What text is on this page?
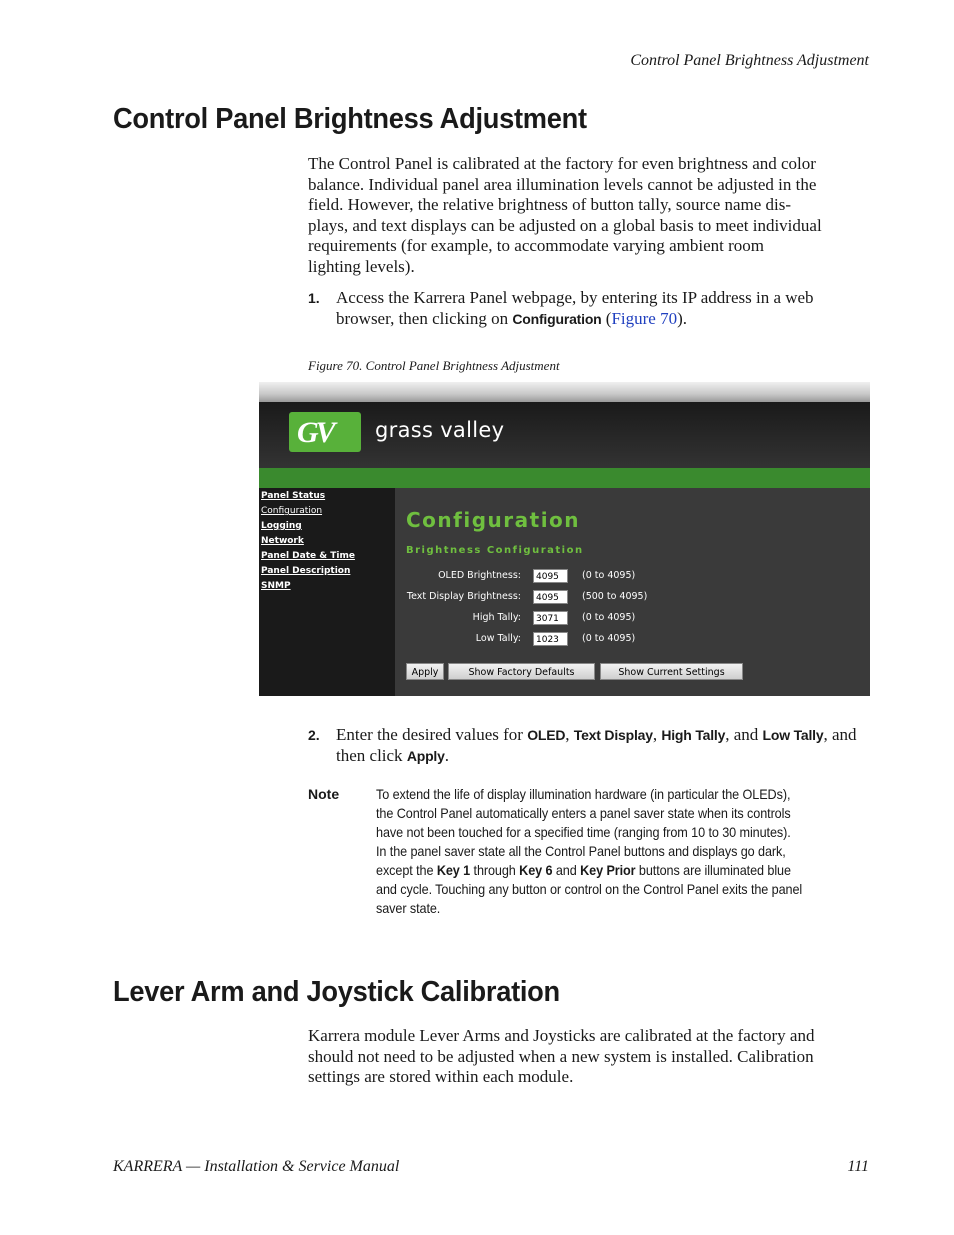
Control Panel Brightness Adjustment
Control Panel Brightness Adjustment
The Control Panel is calibrated at the factory for even brightness and color
balance. Individual panel area illumination levels cannot be adjusted in the
field. However, the relative brightness of button tally, source name dis-
plays, and text displays can be adjusted on a global basis to meet individual
requirements (for example, to accommodate varying ambient room
lighting levels).
1. Access the Karrera Panel webpage, by entering its IP address in a web
browser, then clicking on Configuration (Figure 70).
Figure 70. Control Panel Brightness Adjustment
GV grass valley
Panel Status
Configuration
Logging
Network
Panel Date & Time
Panel Description
SNMP
Configuration
Brightness Configuration
OLED Brightness:	4095	(0 to 4095)
Text Display Brightness:	4095	(500 to 4095)
High Tally:	3071	(0 to 4095)
Low Tally:	1023	(0 to 4095)
Apply	Show Factory Defaults	Show Current Settings
2. Enter the desired values for OLED, Text Display, High Tally, and Low Tally, and
then click Apply.
Note	To extend the life of display illumination hardware (in particular the OLEDs),
the Control Panel automatically enters a panel saver state when its controls
have not been touched for a specified time (ranging from 10 to 30 minutes).
In the panel saver state all the Control Panel buttons and displays go dark,
except the Key 1 through Key 6 and Key Prior buttons are illuminated blue
and cycle. Touching any button or control on the Control Panel exits the panel
saver state.
Lever Arm and Joystick Calibration
Karrera module Lever Arms and Joysticks are calibrated at the factory and
should not need to be adjusted when a new system is installed. Calibration
settings are stored within each module.
KARRERA — Installation & Service Manual	111
